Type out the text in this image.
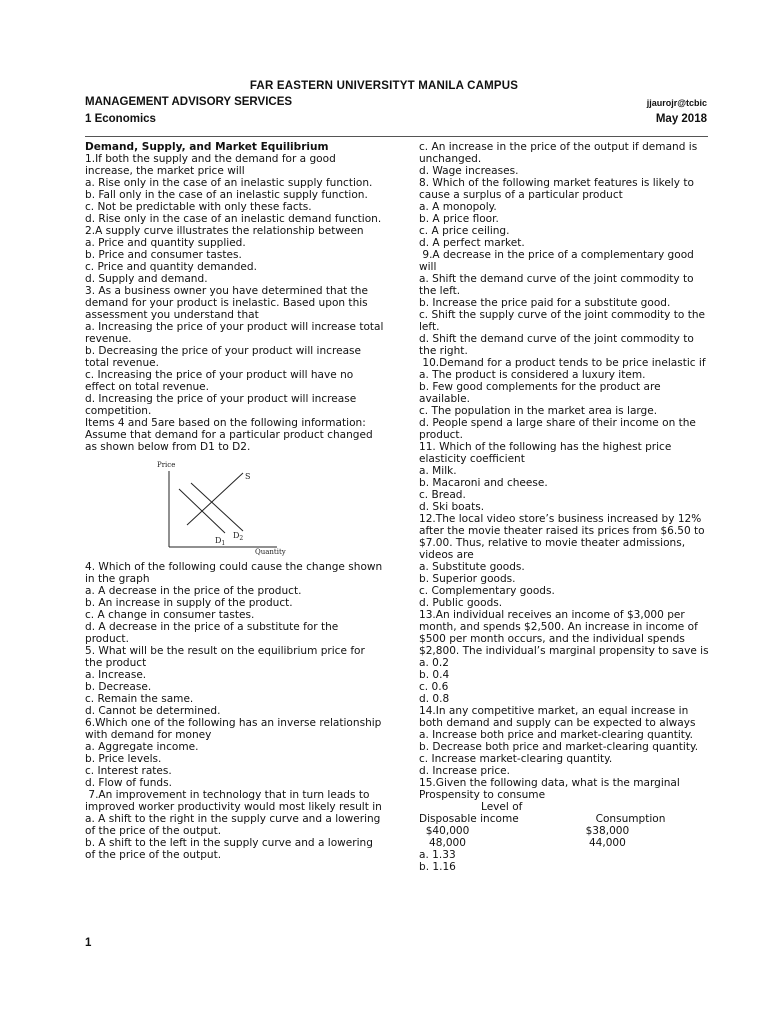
FAR EASTERN UNIVERSITYT MANILA CAMPUS
MANAGEMENT ADVISORY SERVICES	jjaurojr@tcbic
1 Economics	May 2018

Demand, Supply, and Market Equilibrium

1.If both the supply and the demand for a good increase, the market price will

a. Rise only in the case of an inelastic supply function.

b. Fall only in the case of an inelastic supply function.

c. Not be predictable with only these facts.

d. Rise only in the case of an inelastic demand function.

2.A supply curve illustrates the relationship between

a. Price and quantity supplied.

b. Price and consumer tastes.

c. Price and quantity demanded.

d. Supply and demand.

3. As a business owner you have determined that the demand for your product is inelastic. Based upon this assessment you understand that

a. Increasing the price of your product will increase total revenue.

b. Decreasing the price of your product will increase total revenue.

c. Increasing the price of your product will have no effect on total revenue.

d. Increasing the price of your product will increase competition.

Items 4 and 5are based on the following information:

Assume that demand for a particular product changed as shown below from D1 to D2.

Price
Quantity
S
$D_1$
$D_2$

4. Which of the following could cause the change shown in the graph

a. A decrease in the price of the product.

b. An increase in supply of the product.

c. A change in consumer tastes.

d. A decrease in the price of a substitute for the product.

5. What will be the result on the equilibrium price for the product

a. Increase.

b. Decrease.

c. Remain the same.

d. Cannot be determined.

6.Which one of the following has an inverse relationship with demand for money

a. Aggregate income.

b. Price levels.

c. Interest rates.

d. Flow of funds.

7.An improvement in technology that in turn leads to improved worker productivity would most likely result in

a. A shift to the right in the supply curve and a lowering of the price of the output.

b. A shift to the left in the supply curve and a lowering of the price of the output.

c. An increase in the price of the output if demand is unchanged.

d. Wage increases.

8. Which of the following market features is likely to cause a surplus of a particular product

a. A monopoly.

b. A price floor.

c. A price ceiling.

d. A perfect market.

9.A decrease in the price of a complementary good will

a. Shift the demand curve of the joint commodity to the left.

b. Increase the price paid for a substitute good.

c. Shift the supply curve of the joint commodity to the left.

d. Shift the demand curve of the joint commodity to the right.

10.Demand for a product tends to be price inelastic if

a. The product is considered a luxury item.

b. Few good complements for the product are available.

c. The population in the market area is large.

d. People spend a large share of their income on the product.

11. Which of the following has the highest price elasticity coefficient

a. Milk.

b. Macaroni and cheese.

c. Bread.

d. Ski boats.

12.The local video store’s business increased by 12% after the movie theater raised its prices from $6.50 to $7.00. Thus, relative to movie theater admissions, videos are

a. Substitute goods.

b. Superior goods.

c. Complementary goods.

d. Public goods.

13.An individual receives an income of $3,000 per month, and spends $2,500. An increase in income of $500 per month occurs, and the individual spends $2,800. The individual’s marginal propensity to save is

a. 0.2

b. 0.4

c. 0.6

d. 0.8

14.In any competitive market, an equal increase in both demand and supply can be expected to always

a. Increase both price and market-clearing quantity.

b. Decrease both price and market-clearing quantity.

c. Increase market-clearing quantity.

d. Increase price.

15.Given the following data, what is the marginal Prospensity to consume

Level of	
Disposable income	Consumption
$40,000	$38,000
48,000	44,000

a. 1.33

b. 1.16

1
